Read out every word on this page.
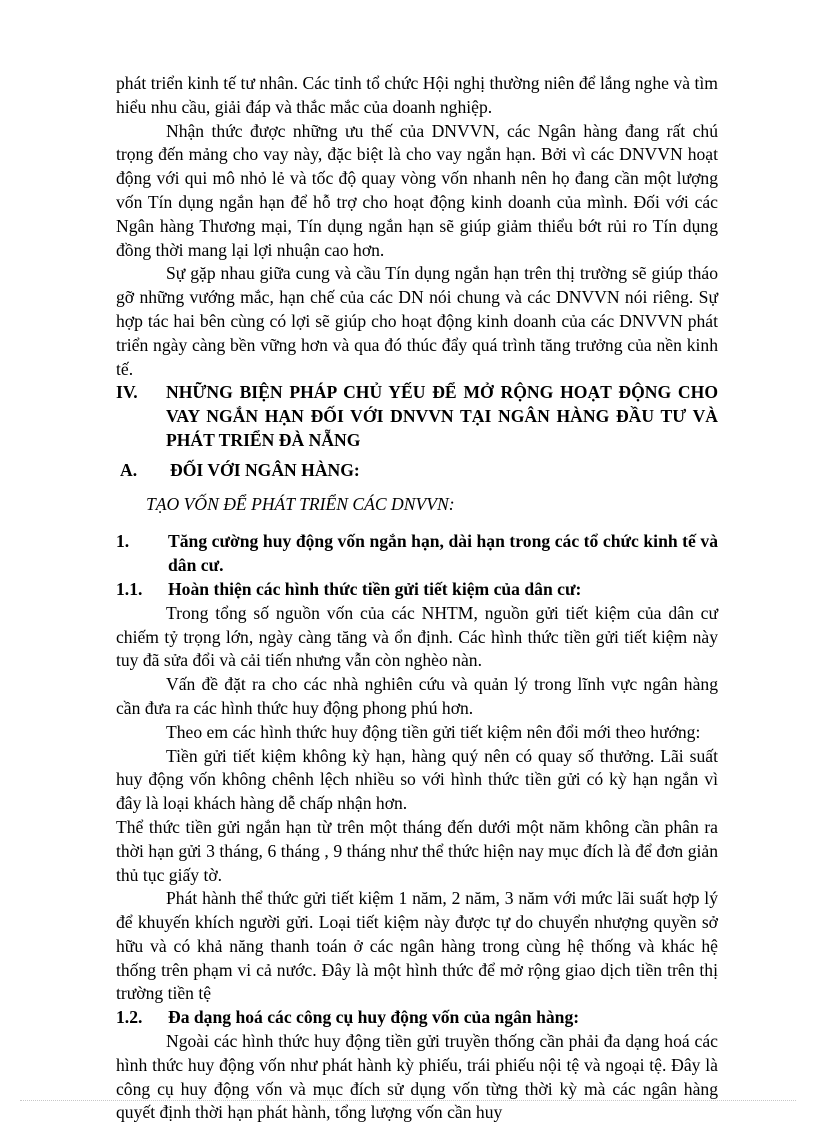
phát triển kinh tế tư nhân. Các tỉnh tổ chức Hội nghị thường niên để lắng nghe và tìm hiểu nhu cầu, giải đáp và thắc mắc của doanh nghiệp.

Nhận thức được những ưu thế của DNVVN, các Ngân hàng đang rất chú trọng đến mảng cho vay này, đặc biệt là cho vay ngắn hạn. Bởi vì các DNVVN hoạt động với qui mô nhỏ lẻ và tốc độ quay vòng vốn nhanh nên họ đang cần một lượng vốn Tín dụng ngắn hạn để hỗ trợ cho hoạt động kinh doanh của mình. Đối với các Ngân hàng Thương mại, Tín dụng ngắn hạn sẽ giúp giảm thiểu bớt rủi ro Tín dụng đồng thời mang lại lợi nhuận cao hơn.

Sự gặp nhau giữa cung và cầu Tín dụng ngắn hạn trên thị trường sẽ giúp tháo gỡ những vướng mắc, hạn chế của các DN nói chung và các DNVVN nói riêng. Sự hợp tác hai bên cùng có lợi sẽ giúp cho hoạt động kinh doanh của các DNVVN phát triển ngày càng bền vững hơn và qua đó thúc đẩy quá trình tăng trưởng của nền kinh tế.

IV.	NHỮNG BIỆN PHÁP CHỦ YẾU ĐỂ MỞ RỘNG HOẠT ĐỘNG CHO VAY NGẮN HẠN ĐỐI VỚI DNVVN TẠI NGÂN HÀNG ĐẦU TƯ VÀ PHÁT TRIỂN ĐÀ NẴNG
A.	ĐỐI VỚI NGÂN HÀNG:

TẠO VỐN ĐỂ PHÁT TRIỂN CÁC DNVVN:

1.	Tăng cường huy động vốn ngắn hạn, dài hạn trong các tổ chức kinh tế và dân cư.
1.1.	Hoàn thiện các hình thức tiền gửi tiết kiệm của dân cư:

Trong tổng số nguồn vốn của các NHTM, nguồn gửi tiết kiệm của dân cư chiếm tỷ trọng lớn, ngày càng tăng và ổn định. Các hình thức tiền gửi tiết kiệm này tuy đã sửa đổi và cải tiến nhưng vẫn còn nghèo nàn.

Vấn đề đặt ra cho các nhà nghiên cứu và quản lý trong lĩnh vực ngân hàng cần đưa ra các hình thức huy động phong phú hơn.

Theo em các hình thức huy động tiền gửi tiết kiệm nên đổi mới theo hướng:

Tiền gửi tiết kiệm không kỳ hạn, hàng quý nên có quay số thưởng. Lãi suất huy động vốn không chênh lệch nhiều so với hình thức tiền gửi có kỳ hạn ngắn vì đây là loại khách hàng dễ chấp nhận hơn.

Thể thức tiền gửi ngắn hạn từ trên một tháng đến dưới một năm không cần phân ra thời hạn gửi 3 tháng, 6 tháng , 9 tháng như thể thức hiện nay mục đích là để đơn giản thủ tục giấy tờ.

Phát hành thể thức gửi tiết kiệm 1 năm, 2 năm, 3 năm với mức lãi suất hợp lý để khuyến khích người gửi. Loại tiết kiệm này được tự do chuyển nhượng quyền sở hữu và có khả năng thanh toán ở các ngân hàng trong cùng hệ thống và khác hệ thống trên phạm vi cả nước. Đây là một hình thức để mở rộng giao dịch tiền trên thị trường tiền tệ

1.2.	Đa dạng hoá các công cụ huy động vốn của ngân hàng:

Ngoài các hình thức huy động tiền gửi truyền thống cần phải đa dạng hoá các hình thức huy động vốn như phát hành kỳ phiếu, trái phiếu nội tệ và ngoại tệ. Đây là công cụ huy động vốn và mục đích sử dụng vốn từng thời kỳ mà các ngân hàng quyết định thời hạn phát hành, tổng lượng vốn cần huy
